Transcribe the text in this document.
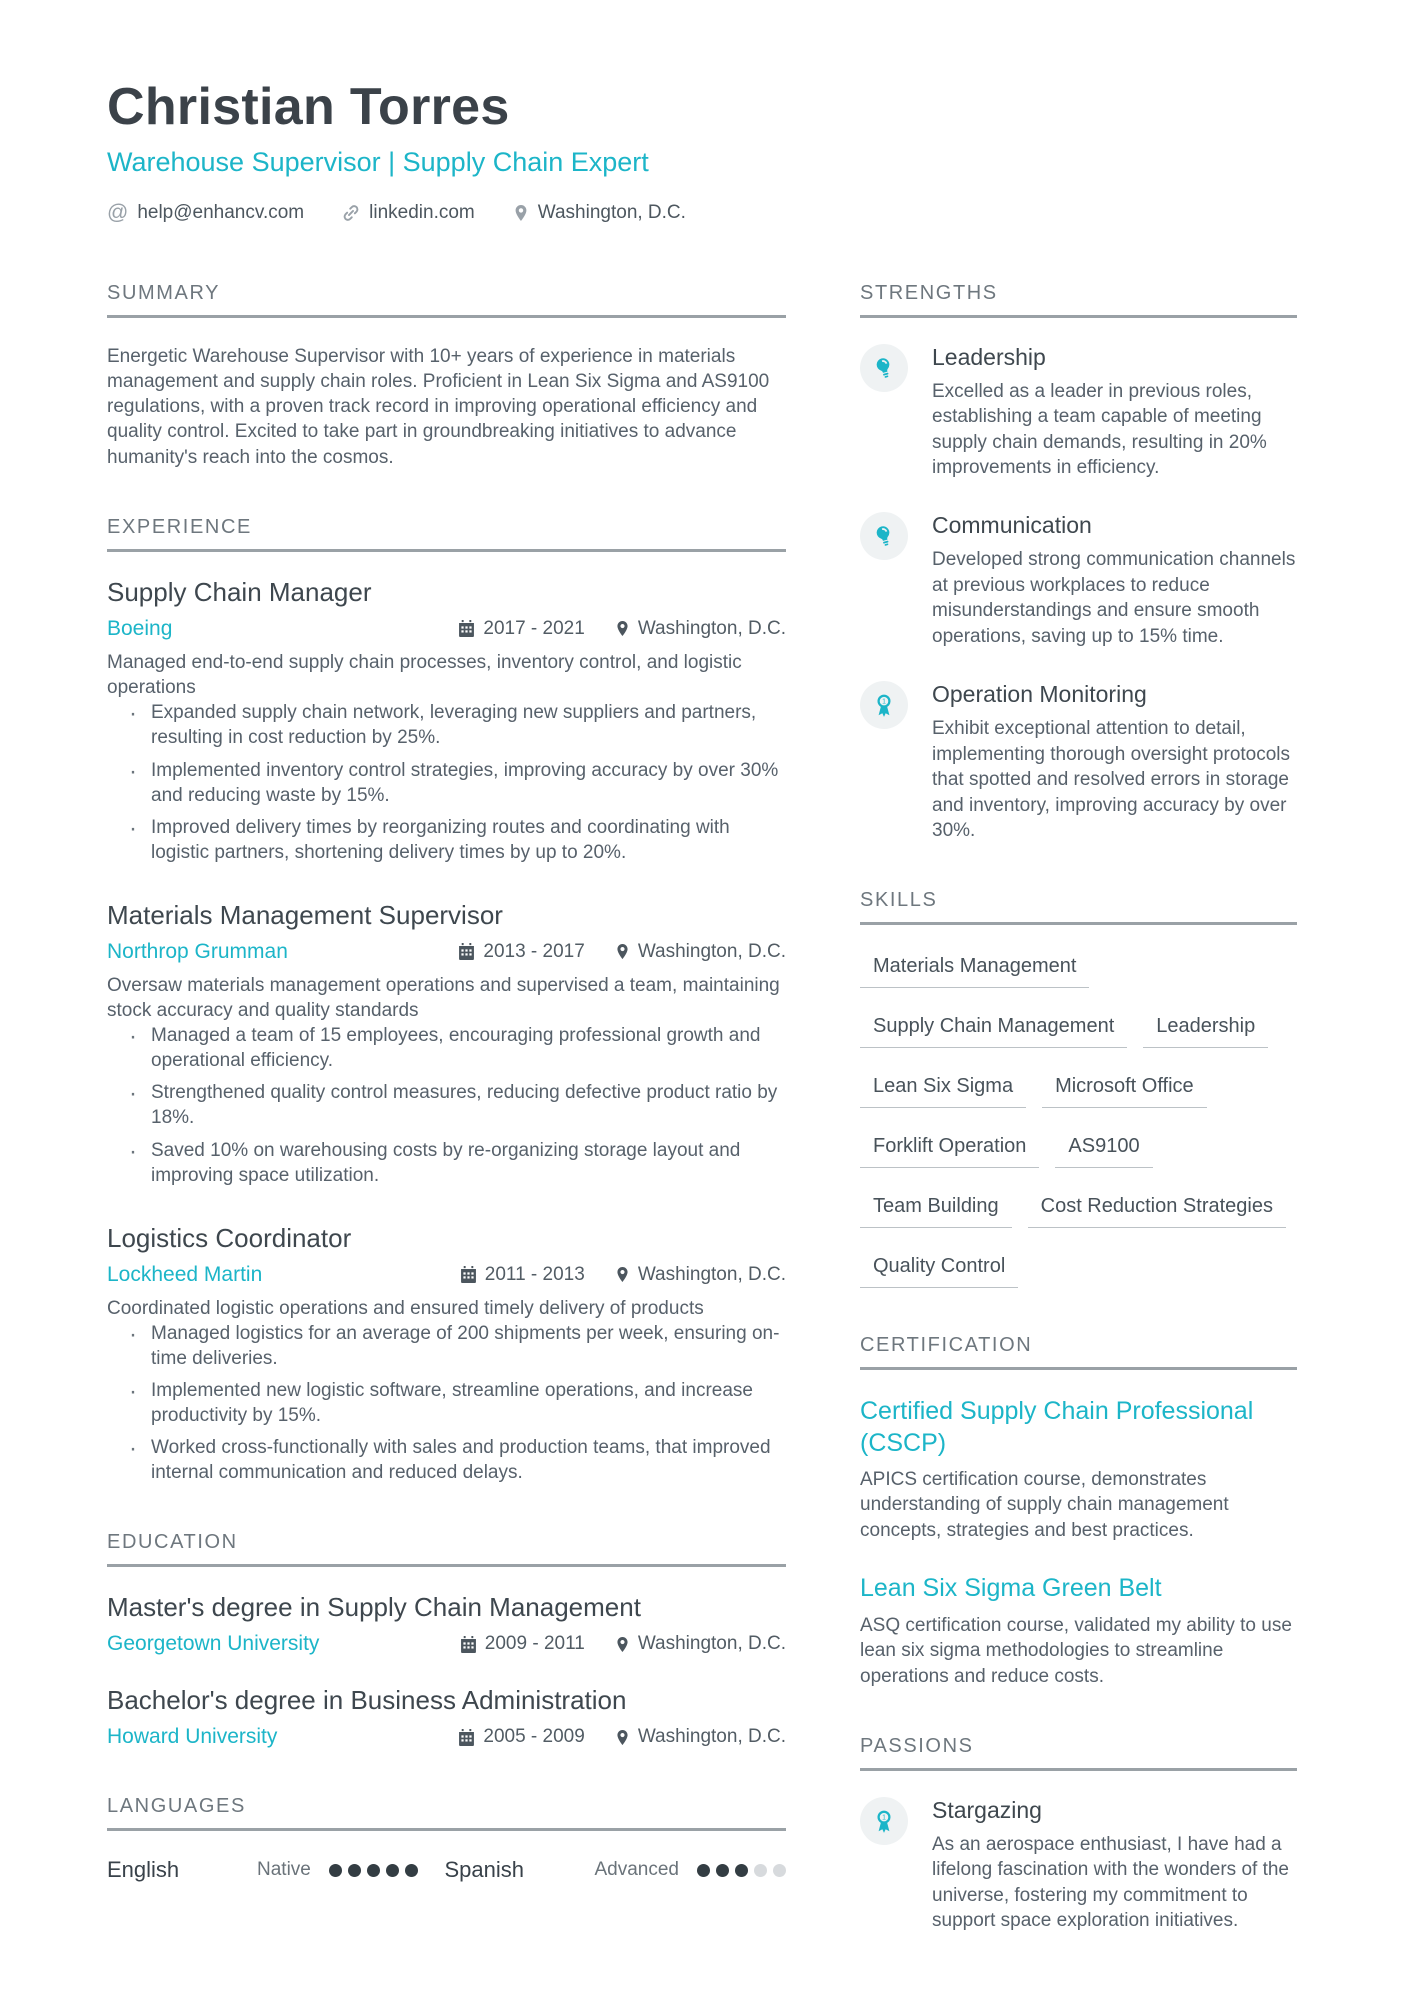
Christian Torres
Warehouse Supervisor | Supply Chain Expert
@ help@enhancv.com	linkedin.com	Washington, D.C.
SUMMARY

Energetic Warehouse Supervisor with 10+ years of experience in materials management and supply chain roles. Proficient in Lean Six Sigma and AS9100 regulations, with a proven track record in improving operational efficiency and quality control. Excited to take part in groundbreaking initiatives to advance humanity's reach into the cosmos.

EXPERIENCE
Supply Chain Manager
Boeing	2017 - 2021	Washington, D.C.

Managed end-to-end supply chain processes, inventory control, and logistic operations

· Expanded supply chain network, leveraging new suppliers and partners, resulting in cost reduction by 25%.
· Implemented inventory control strategies, improving accuracy by over 30% and reducing waste by 15%.
· Improved delivery times by reorganizing routes and coordinating with logistic partners, shortening delivery times by up to 20%.
Materials Management Supervisor
Northrop Grumman	2013 - 2017	Washington, D.C.

Oversaw materials management operations and supervised a team, maintaining stock accuracy and quality standards

· Managed a team of 15 employees, encouraging professional growth and operational efficiency.
· Strengthened quality control measures, reducing defective product ratio by 18%.
· Saved 10% on warehousing costs by re-organizing storage layout and improving space utilization.
Logistics Coordinator
Lockheed Martin	2011 - 2013	Washington, D.C.

Coordinated logistic operations and ensured timely delivery of products

· Managed logistics for an average of 200 shipments per week, ensuring on-time deliveries.
· Implemented new logistic software, streamline operations, and increase productivity by 15%.
· Worked cross-functionally with sales and production teams, that improved internal communication and reduced delays.
EDUCATION
Master's degree in Supply Chain Management
Georgetown University	2009 - 2011	Washington, D.C.
Bachelor's degree in Business Administration
Howard University	2005 - 2009	Washington, D.C.
LANGUAGES
English	Native	Spanish	Advanced
STRENGTHS
Leadership

Excelled as a leader in previous roles, establishing a team capable of meeting supply chain demands, resulting in 20% improvements in efficiency.

Communication

Developed strong communication channels at previous workplaces to reduce misunderstandings and ensure smooth operations, saving up to 15% time.

1 Operation Monitoring

Exhibit exceptional attention to detail, implementing thorough oversight protocols that spotted and resolved errors in storage and inventory, improving accuracy by over 30%.

SKILLS
Materials Management
Supply Chain Management	Leadership
Lean Six Sigma	Microsoft Office
Forklift Operation	AS9100
Team Building	Cost Reduction Strategies
Quality Control
CERTIFICATION
Certified Supply Chain Professional (CSCP)

APICS certification course, demonstrates understanding of supply chain management concepts, strategies and best practices.

Lean Six Sigma Green Belt

ASQ certification course, validated my ability to use lean six sigma methodologies to streamline operations and reduce costs.

PASSIONS
1 Stargazing

As an aerospace enthusiast, I have had a lifelong fascination with the wonders of the universe, fostering my commitment to support space exploration initiatives.
